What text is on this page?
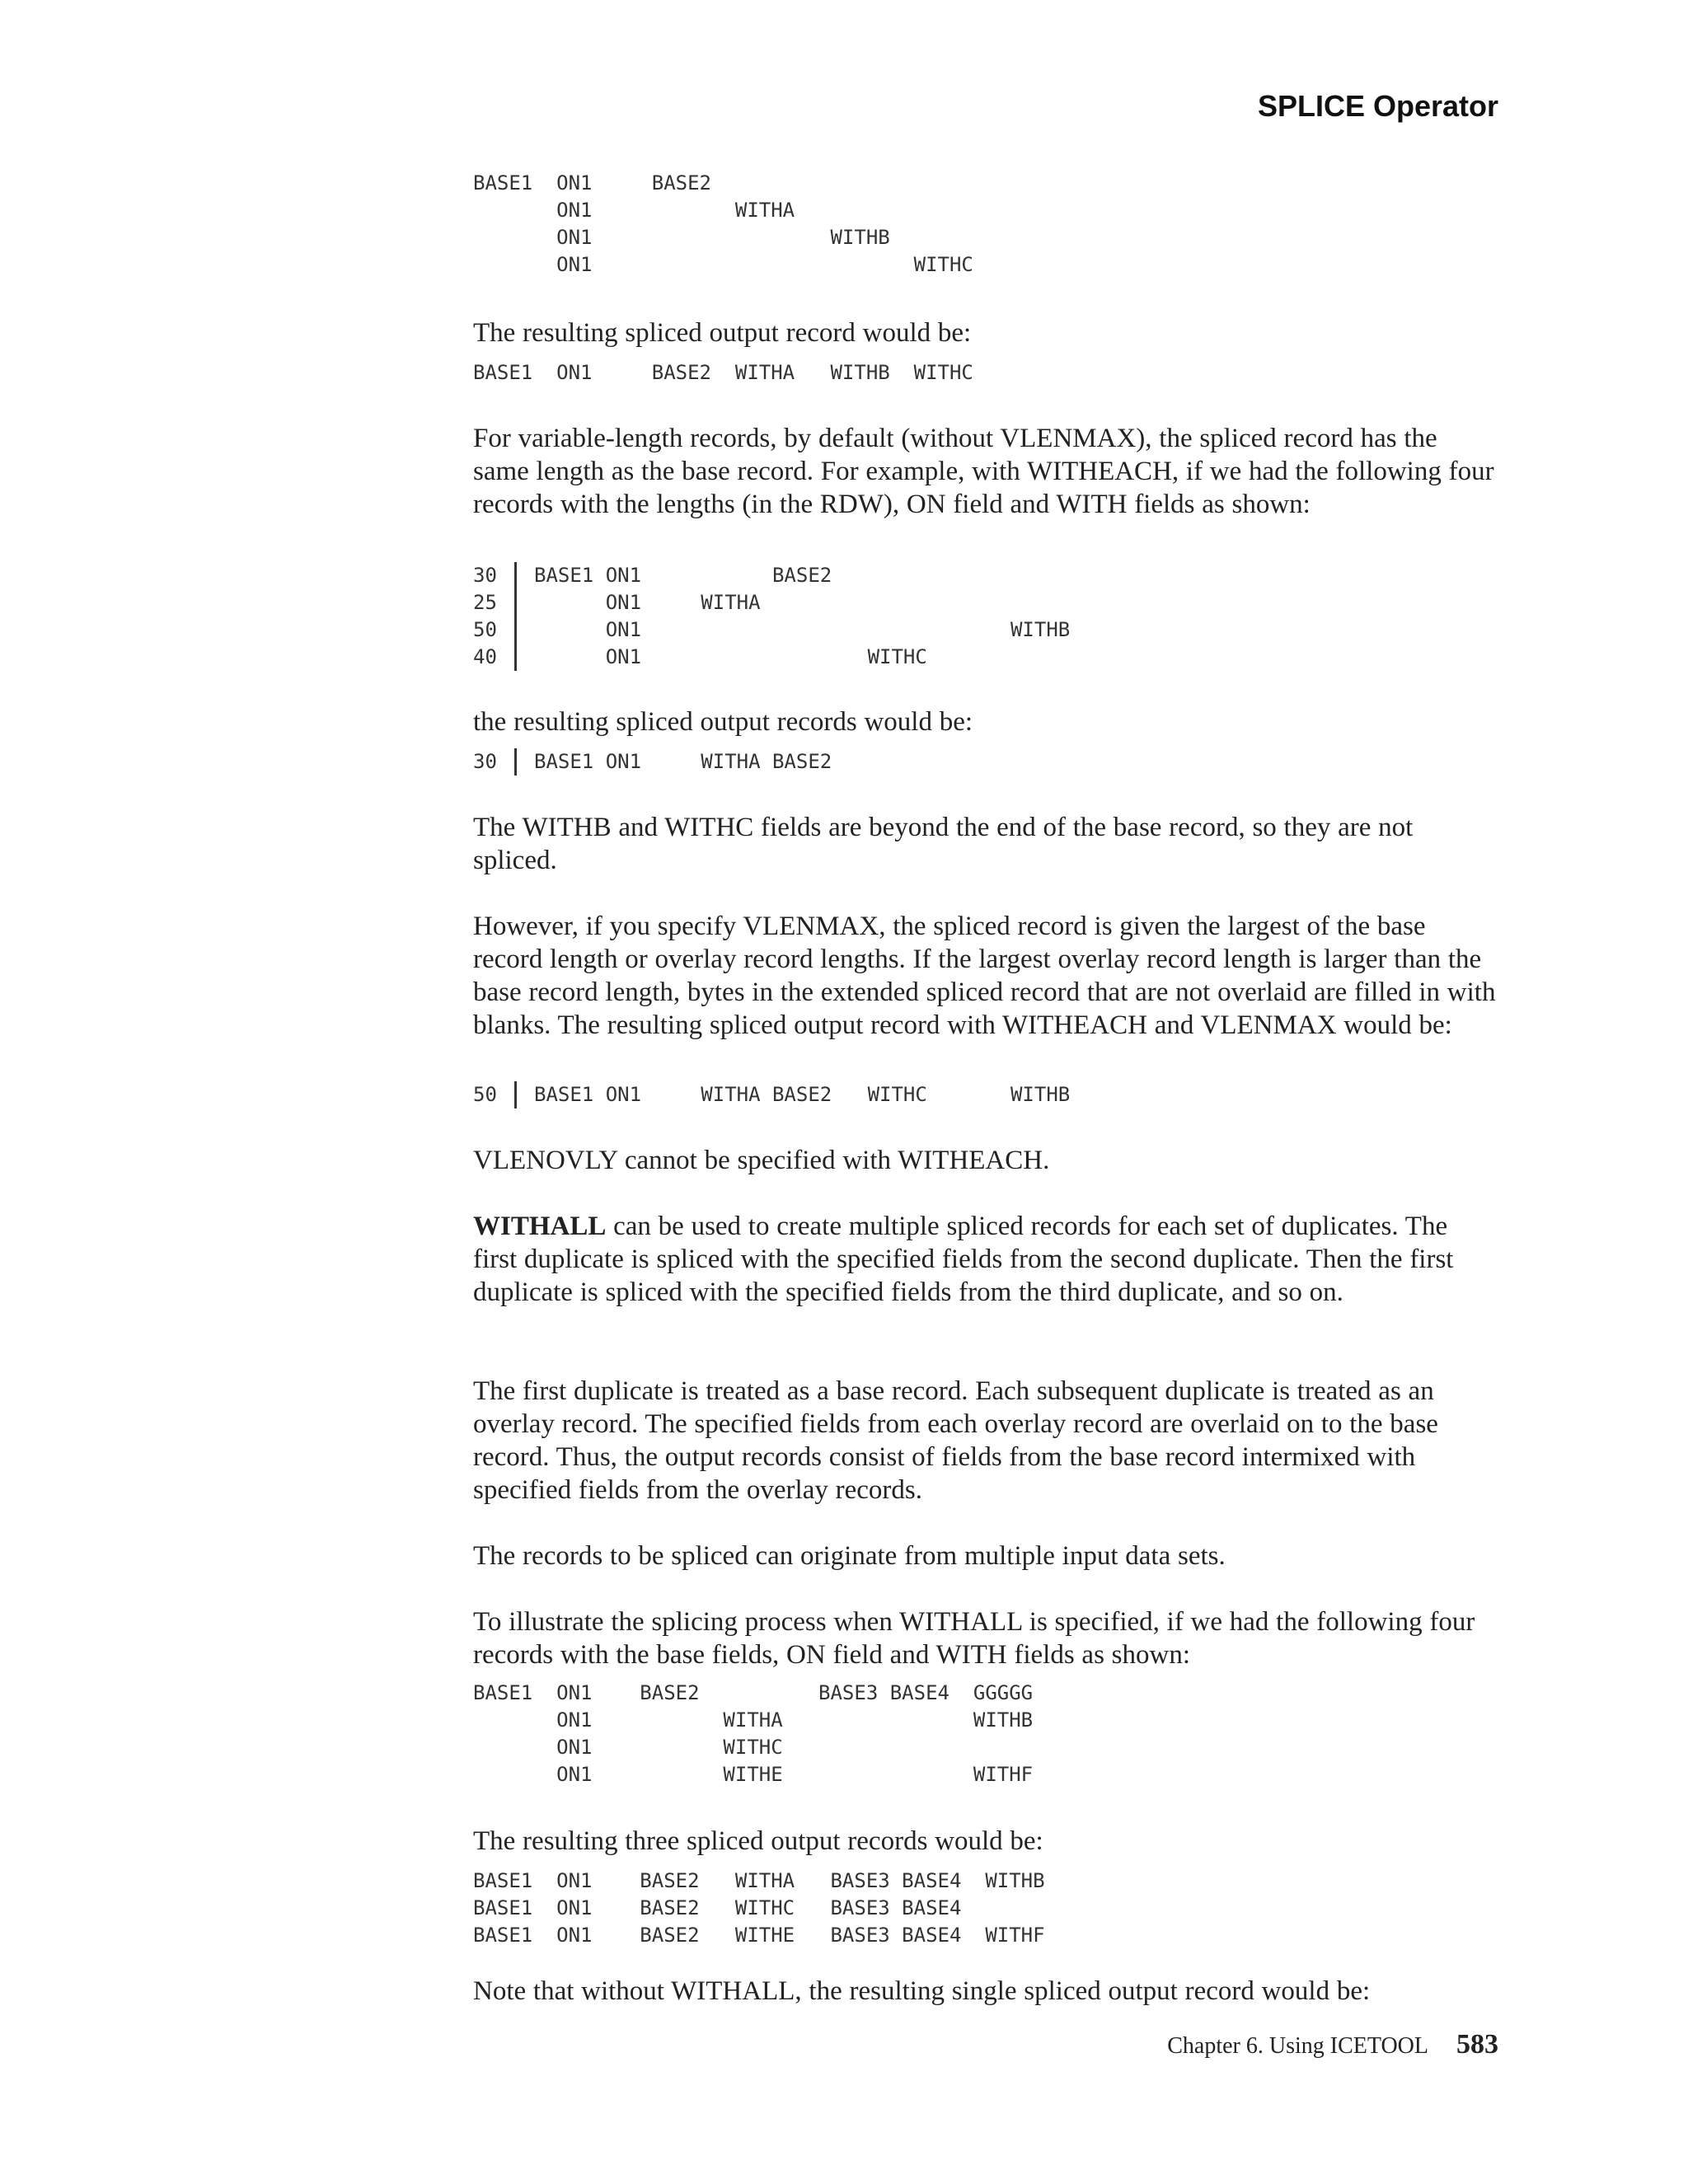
SPLICE Operator
BASE1  ON1     BASE2
ON1            WITHA
ON1                    WITHB
ON1                           WITHC

The resulting spliced output record would be:

BASE1  ON1     BASE2  WITHA   WITHB  WITHC

For variable-length records, by default (without VLENMAX), the spliced record has the same length as the base record. For example, with WITHEACH, if we had the following four records with the lengths (in the RDW), ON field and WITH fields as shown:

30
25
50
40
BASE1 ON1           BASE2
ON1     WITHA
ON1                               WITHB
ON1                   WITHC

the resulting spliced output records would be:

30 BASE1 ON1     WITHA BASE2

The WITHB and WITHC fields are beyond the end of the base record, so they are not spliced.

However, if you specify VLENMAX, the spliced record is given the largest of the base record length or overlay record lengths. If the largest overlay record length is larger than the base record length, bytes in the extended spliced record that are not overlaid are filled in with blanks. The resulting spliced output record with WITHEACH and VLENMAX would be:

50 BASE1 ON1     WITHA BASE2   WITHC       WITHB

VLENOVLY cannot be specified with WITHEACH.

WITHALL can be used to create multiple spliced records for each set of duplicates. The first duplicate is spliced with the specified fields from the second duplicate. Then the first duplicate is spliced with the specified fields from the third duplicate, and so on.

The first duplicate is treated as a base record. Each subsequent duplicate is treated as an overlay record. The specified fields from each overlay record are overlaid on to the base record. Thus, the output records consist of fields from the base record intermixed with specified fields from the overlay records.

The records to be spliced can originate from multiple input data sets.

To illustrate the splicing process when WITHALL is specified, if we had the following four records with the base fields, ON field and WITH fields as shown:

BASE1  ON1    BASE2          BASE3 BASE4  GGGGG
ON1           WITHA                WITHB
ON1           WITHC
ON1           WITHE                WITHF

The resulting three spliced output records would be:

BASE1  ON1    BASE2   WITHA   BASE3 BASE4  WITHB
BASE1  ON1    BASE2   WITHC   BASE3 BASE4
BASE1  ON1    BASE2   WITHE   BASE3 BASE4  WITHF

Note that without WITHALL, the resulting single spliced output record would be:

Chapter 6. Using ICETOOL 583
